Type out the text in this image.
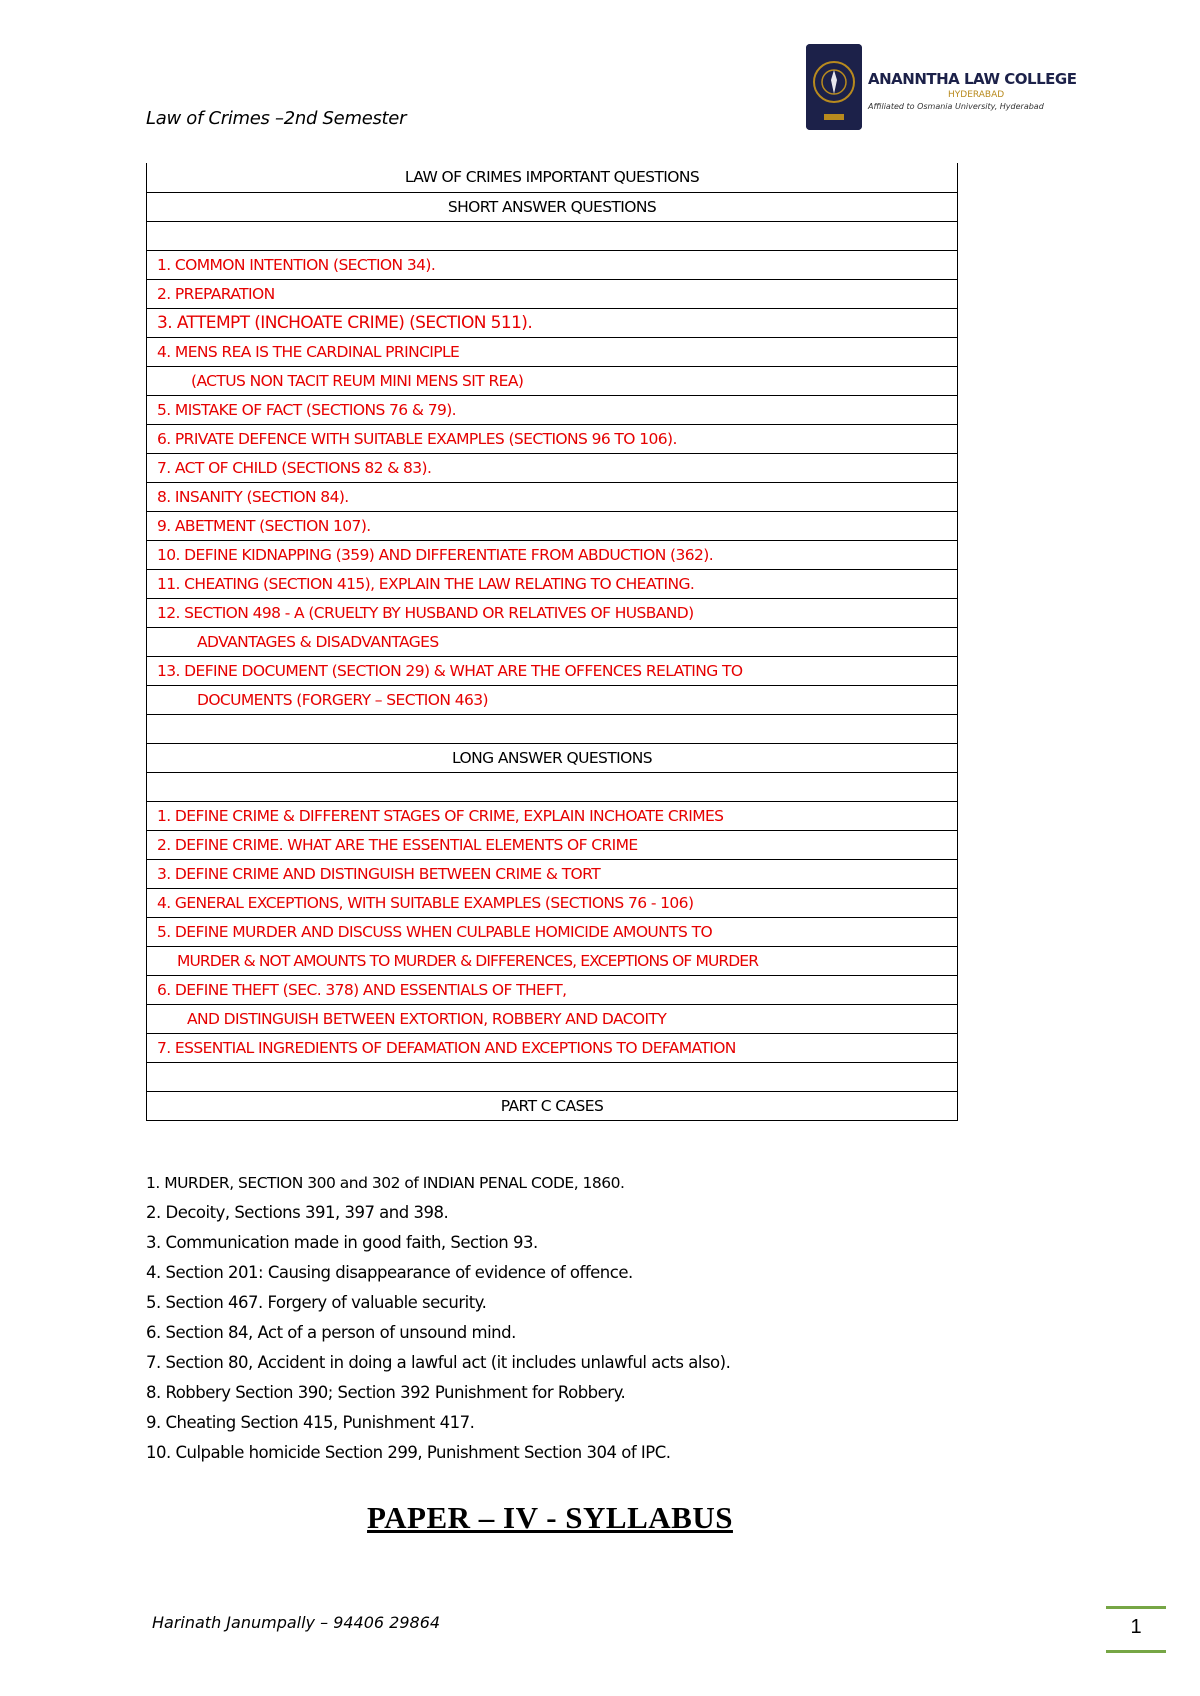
Law of Crimes –2nd Semester
ANANNTHA LAW COLLEGE
HYDERABAD
Affiliated to Osmania University, Hyderabad
LAW OF CRIMES IMPORTANT QUESTIONS
SHORT ANSWER QUESTIONS

1. COMMON INTENTION (SECTION 34).
2. PREPARATION
3. ATTEMPT (INCHOATE CRIME) (SECTION 511).
4. MENS REA IS THE CARDINAL PRINCIPLE
(ACTUS NON TACIT REUM MINI MENS SIT REA)
5. MISTAKE OF FACT (SECTIONS 76 & 79).
6. PRIVATE DEFENCE WITH SUITABLE EXAMPLES (SECTIONS 96 TO 106).
7. ACT OF CHILD (SECTIONS 82 & 83).
8. INSANITY (SECTION 84).
9. ABETMENT (SECTION 107).
10. DEFINE KIDNAPPING (359) AND DIFFERENTIATE FROM ABDUCTION (362).
11. CHEATING (SECTION 415), EXPLAIN THE LAW RELATING TO CHEATING.
12. SECTION 498 - A (CRUELTY BY HUSBAND OR RELATIVES OF HUSBAND)
ADVANTAGES & DISADVANTAGES
13. DEFINE DOCUMENT (SECTION 29) & WHAT ARE THE OFFENCES RELATING TO
DOCUMENTS (FORGERY – SECTION 463)

LONG ANSWER QUESTIONS

1. DEFINE CRIME & DIFFERENT STAGES OF CRIME, EXPLAIN INCHOATE CRIMES
2. DEFINE CRIME. WHAT ARE THE ESSENTIAL ELEMENTS OF CRIME
3. DEFINE CRIME AND DISTINGUISH BETWEEN CRIME & TORT
4. GENERAL EXCEPTIONS, WITH SUITABLE EXAMPLES (SECTIONS 76 - 106)
5. DEFINE MURDER AND DISCUSS WHEN CULPABLE HOMICIDE AMOUNTS TO
MURDER & NOT AMOUNTS TO MURDER & DIFFERENCES, EXCEPTIONS OF MURDER
6. DEFINE THEFT (SEC. 378) AND ESSENTIALS OF THEFT,
AND DISTINGUISH BETWEEN EXTORTION, ROBBERY AND DACOITY
7. ESSENTIAL INGREDIENTS OF DEFAMATION AND EXCEPTIONS TO DEFAMATION

PART C CASES
1. MURDER, SECTION 300 and 302 of INDIAN PENAL CODE, 1860.
2. Decoity, Sections 391, 397 and 398.
3. Communication made in good faith, Section 93.
4. Section 201: Causing disappearance of evidence of offence.
5. Section 467. Forgery of valuable security.
6. Section 84, Act of a person of unsound mind.
7. Section 80, Accident in doing a lawful act (it includes unlawful acts also).
8. Robbery Section 390; Section 392 Punishment for Robbery.
9. Cheating Section 415, Punishment 417.
10. Culpable homicide Section 299, Punishment Section 304 of IPC.
PAPER – IV - SYLLABUS
Harinath Janumpally – 94406 29864	1
